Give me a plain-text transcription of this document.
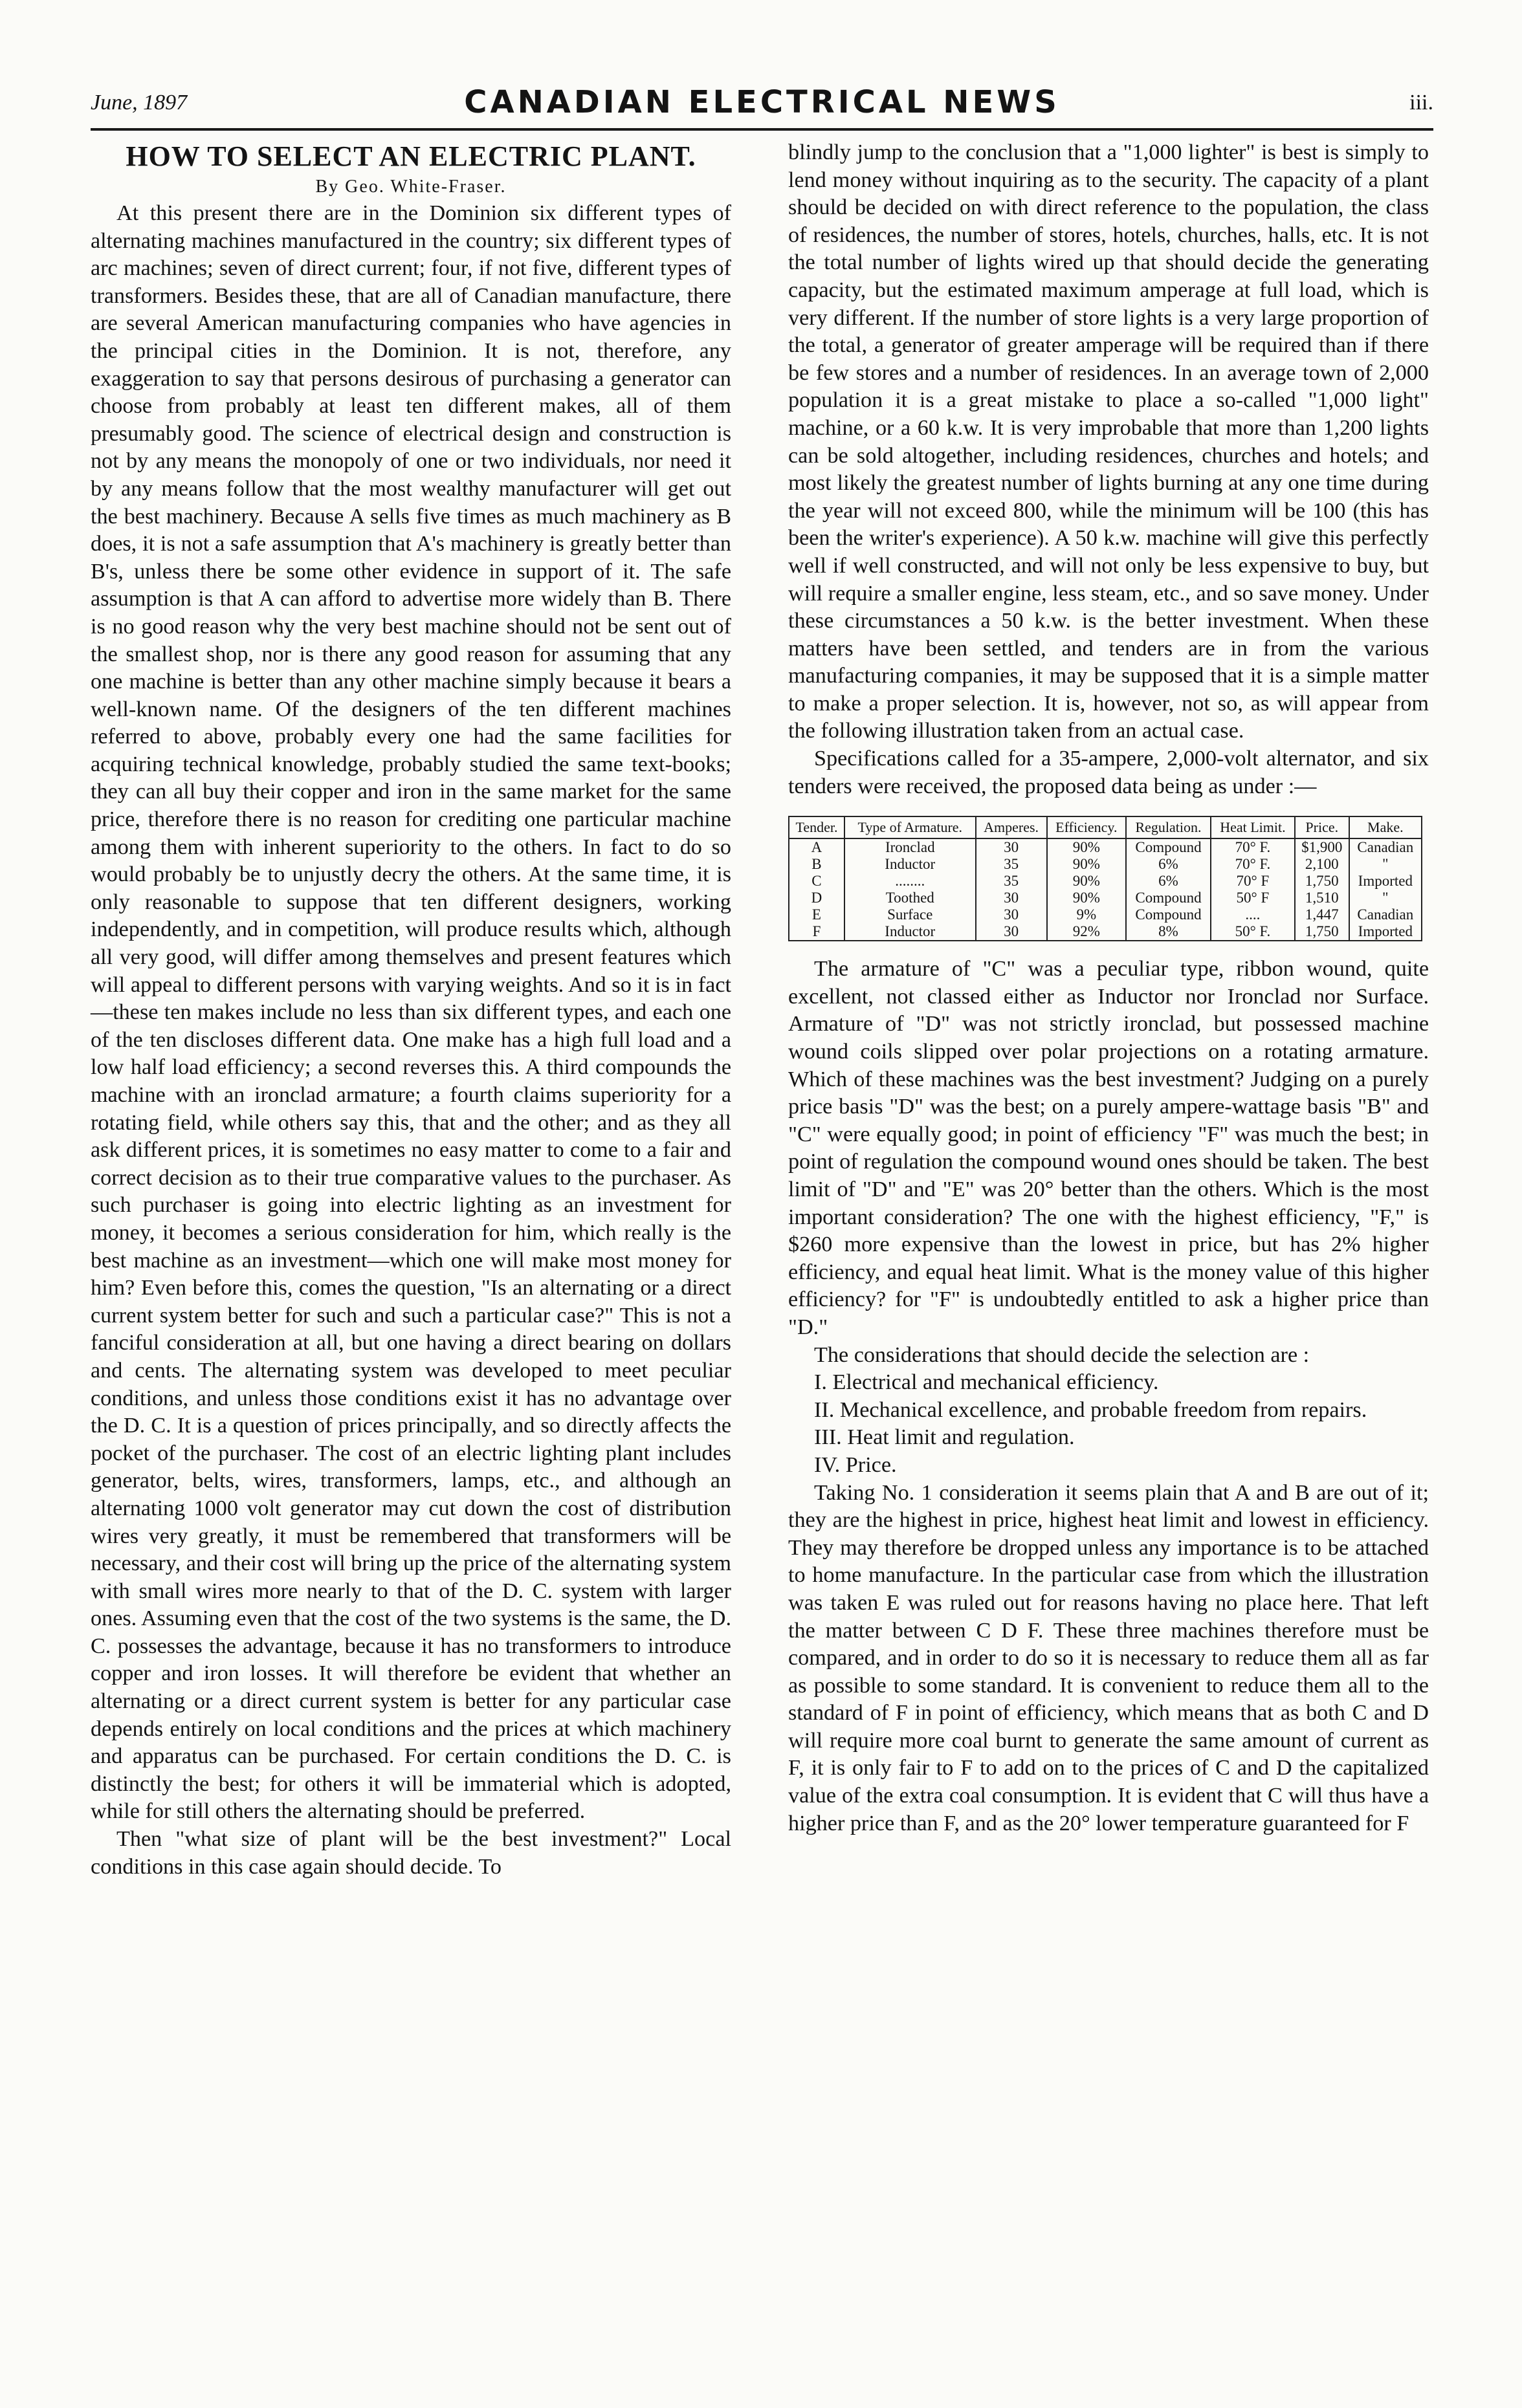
June, 1897	CANADIAN ELECTRICAL NEWS	iii.

HOW TO SELECT AN ELECTRIC PLANT.

By Geo. White-Fraser.

At this present there are in the Dominion six different types of alternating machines manufactured in the country; six different types of arc machines; seven of direct current; four, if not five, different types of transformers. Besides these, that are all of Canadian manufacture, there are several American manufacturing companies who have agencies in the principal cities in the Dominion. It is not, therefore, any exaggeration to say that persons desirous of purchasing a generator can choose from probably at least ten different makes, all of them presumably good. The science of electrical design and construction is not by any means the monopoly of one or two individuals, nor need it by any means follow that the most wealthy manufacturer will get out the best machinery. Because A sells five times as much machinery as B does, it is not a safe assumption that A's machinery is greatly better than B's, unless there be some other evidence in support of it. The safe assumption is that A can afford to advertise more widely than B. There is no good reason why the very best machine should not be sent out of the smallest shop, nor is there any good reason for assuming that any one machine is better than any other machine simply because it bears a well-known name. Of the designers of the ten different machines referred to above, probably every one had the same facilities for acquiring technical knowledge, probably studied the same text-books; they can all buy their copper and iron in the same market for the same price, therefore there is no reason for crediting one particular machine among them with inherent superiority to the others. In fact to do so would probably be to unjustly decry the others. At the same time, it is only reasonable to suppose that ten different designers, working independently, and in competition, will produce results which, although all very good, will differ among themselves and present features which will appeal to different persons with varying weights. And so it is in fact—these ten makes include no less than six different types, and each one of the ten discloses different data. One make has a high full load and a low half load efficiency; a second reverses this. A third compounds the machine with an ironclad armature; a fourth claims superiority for a rotating field, while others say this, that and the other; and as they all ask different prices, it is sometimes no easy matter to come to a fair and correct decision as to their true comparative values to the purchaser. As such purchaser is going into electric lighting as an investment for money, it becomes a serious consideration for him, which really is the best machine as an investment—which one will make most money for him? Even before this, comes the question, "Is an alternating or a direct current system better for such and such a particular case?" This is not a fanciful consideration at all, but one having a direct bearing on dollars and cents. The alternating system was developed to meet peculiar conditions, and unless those conditions exist it has no advantage over the D. C. It is a question of prices principally, and so directly affects the pocket of the purchaser. The cost of an electric lighting plant includes generator, belts, wires, transformers, lamps, etc., and although an alternating 1000 volt generator may cut down the cost of distribution wires very greatly, it must be remembered that transformers will be necessary, and their cost will bring up the price of the alternating system with small wires more nearly to that of the D. C. system with larger ones. Assuming even that the cost of the two systems is the same, the D. C. possesses the advantage, because it has no transformers to introduce copper and iron losses. It will therefore be evident that whether an alternating or a direct current system is better for any particular case depends entirely on local conditions and the prices at which machinery and apparatus can be purchased. For certain conditions the D. C. is distinctly the best; for others it will be immaterial which is adopted, while for still others the alternating should be preferred.

Then "what size of plant will be the best investment?" Local conditions in this case again should decide. To

blindly jump to the conclusion that a "1,000 lighter" is best is simply to lend money without inquiring as to the security. The capacity of a plant should be decided on with direct reference to the population, the class of residences, the number of stores, hotels, churches, halls, etc. It is not the total number of lights wired up that should decide the generating capacity, but the estimated maximum amperage at full load, which is very different. If the number of store lights is a very large proportion of the total, a generator of greater amperage will be required than if there be few stores and a number of residences. In an average town of 2,000 population it is a great mistake to place a so-called "1,000 light" machine, or a 60 k.w. It is very improbable that more than 1,200 lights can be sold altogether, including residences, churches and hotels; and most likely the greatest number of lights burning at any one time during the year will not exceed 800, while the minimum will be 100 (this has been the writer's experience). A 50 k.w. machine will give this perfectly well if well constructed, and will not only be less expensive to buy, but will require a smaller engine, less steam, etc., and so save money. Under these circumstances a 50 k.w. is the better investment. When these matters have been settled, and tenders are in from the various manufacturing companies, it may be supposed that it is a simple matter to make a proper selection. It is, however, not so, as will appear from the following illustration taken from an actual case.

Specifications called for a 35-ampere, 2,000-volt alternator, and six tenders were received, the proposed data being as under :—

Tender.	Type of Armature.	Amperes.	Efficiency.	Regulation.	Heat Limit.	Price.	Make.
A	Ironclad	30	90%	Compound	70° F.	$1,900	Canadian
B	Inductor	35	90%	6%	70° F.	2,100	"
C	........	35	90%	6%	70° F	1,750	Imported
D	Toothed	30	90%	Compound	50° F	1,510	"
E	Surface	30	9%	Compound	....	1,447	Canadian
F	Inductor	30	92%	8%	50° F.	1,750	Imported

The armature of "C" was a peculiar type, ribbon wound, quite excellent, not classed either as Inductor nor Ironclad nor Surface. Armature of "D" was not strictly ironclad, but possessed machine wound coils slipped over polar projections on a rotating armature. Which of these machines was the best investment? Judging on a purely price basis "D" was the best; on a purely ampere-wattage basis "B" and "C" were equally good; in point of efficiency "F" was much the best; in point of regulation the compound wound ones should be taken. The best limit of "D" and "E" was 20° better than the others. Which is the most important consideration? The one with the highest efficiency, "F," is $260 more expensive than the lowest in price, but has 2% higher efficiency, and equal heat limit. What is the money value of this higher efficiency? for "F" is undoubtedly entitled to ask a higher price than "D."

The considerations that should decide the selection are :

I. Electrical and mechanical efficiency.

II. Mechanical excellence, and probable freedom from repairs.

III. Heat limit and regulation.

IV. Price.

Taking No. 1 consideration it seems plain that A and B are out of it; they are the highest in price, highest heat limit and lowest in efficiency. They may therefore be dropped unless any importance is to be attached to home manufacture. In the particular case from which the illustration was taken E was ruled out for reasons having no place here. That left the matter between C D F. These three machines therefore must be compared, and in order to do so it is necessary to reduce them all as far as possible to some standard. It is convenient to reduce them all to the standard of F in point of efficiency, which means that as both C and D will require more coal burnt to generate the same amount of current as F, it is only fair to F to add on to the prices of C and D the capitalized value of the extra coal consumption. It is evident that C will thus have a higher price than F, and as the 20° lower temperature guaranteed for F
